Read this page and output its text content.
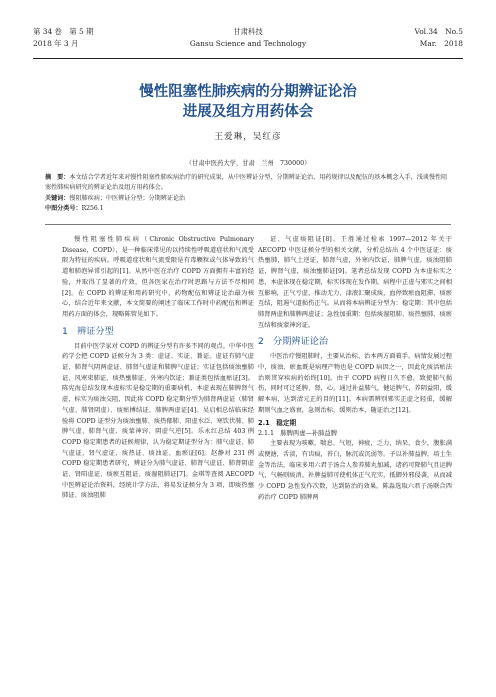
第 34 卷　第 5 期	甘肃科技	Vol.34　No.5
2018 年 3 月	Gansu Science and Technology	Mar.　2018
慢性阻塞性肺疾病的分期辨证论治
进展及组方用药体会
王爱琳，吴红彦
（甘肃中医药大学，甘肃　兰州　730000）

摘　要：本文结合学者近年来对慢性阻塞性肺疾病治疗的研究成果，从中医辨证分型、分期辨证论治、用药规律以及配伍的基本概念入手，浅谈慢性阻塞性肺疾病研究的辨证论治及组方用药体会。

关键词：慢阻肺疾病；中医辨证分型；分期辨证论治

中图分类号：R256.1

慢性阻塞性肺疾病（Chronic Obstructive Pulmonary Disease，COPD），是一种临床常见的以持续性呼吸道症状和气流受限为特征的疾病。呼吸道症状和气流受限是有毒颗粒或气体导致的气道和肺泡异常引起的[1]。从然中医在治疗 COPD 方面拥有丰富的经验，并取得了显著的疗效，但各医家在治疗时思路与方法不尽相同[2]。在 COPD 的辨证和用药研究中，药物配伍和辨证论治最为核心，结合近年来文献，本文简要的阐述了临床工作时中药配伍和辨证用药方面的体会，现略陈管见如下。

1　辨证分型

目前中医学家对 COPD 的辨证分型有许多不同的观点。中华中医药学会把 COPD 证候分为 3 类：虚证、实证、兼证。虚证有肺气虚证、肺肾气阴两虚证、肺肾气虚证和肺脾气虚证；实证包括痰浊壅肺证、风寒束肺证、痰热壅肺证、外寒内饮证；兼证类包括血瘀证[3]。陈宪海总结发现本虚标实是稳定期的重要病机，本虚表现在肺脾肾气虚，标实为痰浊交阻，因此将 COPD 稳定期分型为肺肾两虚证（肺肾气虚、肺肾阴虚）、痰瘀搏结证、肺脾两虚证[4]。吴启相总结临床经验将 COPD 证型分为痰浊壅肺、痰热郁肺、阳虚水泛、寒饮伏肺、肺脾气虚、肺肾气虚、痰蒙神窍、阴虚气逆[5]。乐永红总结 403 例 COPD 稳定期患者的证候规律，认为稳定期证型分为：肺气虚证、肺气虚证、肾气虚证、痰热证、痰浊证、血瘀证[6]。赵静对 231 例 COPD 稳定期患者研究，辨证分为肺气虚证、肺肾气虚证、肺肾阴虚证、肾阳虚证、痰瘀互阻证、痰湿阻肺证[7]。金琪等查阅 AECOPD 中医辨证论治资料，经统计学方法，将易发证候分为 3 项，即痰热壅肺证、痰浊阻肺

证、气虚痰阻证[8]。王胜通过检索 1997—2012 年关于 AECOPD 中医证候分型的相关文献，分析总结出 4 个中医证证：痰热壅肺，肺气土逆证，肺肾气虚，外寒内饮证，肺脾气虚，痰浊阻肺证，脾肾气虚，痰浊壅肺证[9]。笔者总结发现 COPD 为本虚标实之患，本虚体现在稳定期，标实体现在发作期。病程中正虚与邪实之间相互影响，正气亏虚，推动无力，津液汇聚成痰，血停致瘀血阻滞，痰瘀互结，阻遏气道损伤正气。从而将本病辨证分型为：稳定期：其中包括肺肾两虚和肺脾两虚证；急性加重期：包括痰湿阻肺、痰热壅肺、痰瘀互结和痰蒙神窍证。

2　分期辨证论治

中医治疗慢阻肺时，主要从治标、治本两方面着手。病情发展过程中，痰浊、瘀血既是病理产物也是 COPD 病因之一，因此化痰活瘀法治则贯穿疾病的始终[10]。由于 COPD 病程日久不愈，致使肺气损伤，同时可迁延脾、肾，心。通过补益肺气，健运脾气，养阴益阳，缓解本病，达到清元正的目的[11]。本病需辨别邪实正虚之轻重，缓解期则气血之盛衰，急则治标，缓则治本，随证治之[12]。

2.1　稳定期
2.1.1　肺脾两虚—补肺益脾

主要表现为咳嗽、喘息、气短，神疲，乏力，纳呆，食少，腹胀满或便溏，舌淡，有齿痕，苔白，脉沉或沉弱等。予以补肺益脾，培土生金等治法，临床多用六君子汤合人参养肺丸加减，诸药可降肺气且运脾气，气畅则痰消。补脾益肺可使机体正气充实，抵御外邪侵袭，从而减少 COPD 急性发作次数，达到防治的效果。陈淼选取六君子汤联合西药治疗 COPD 肺脾两
